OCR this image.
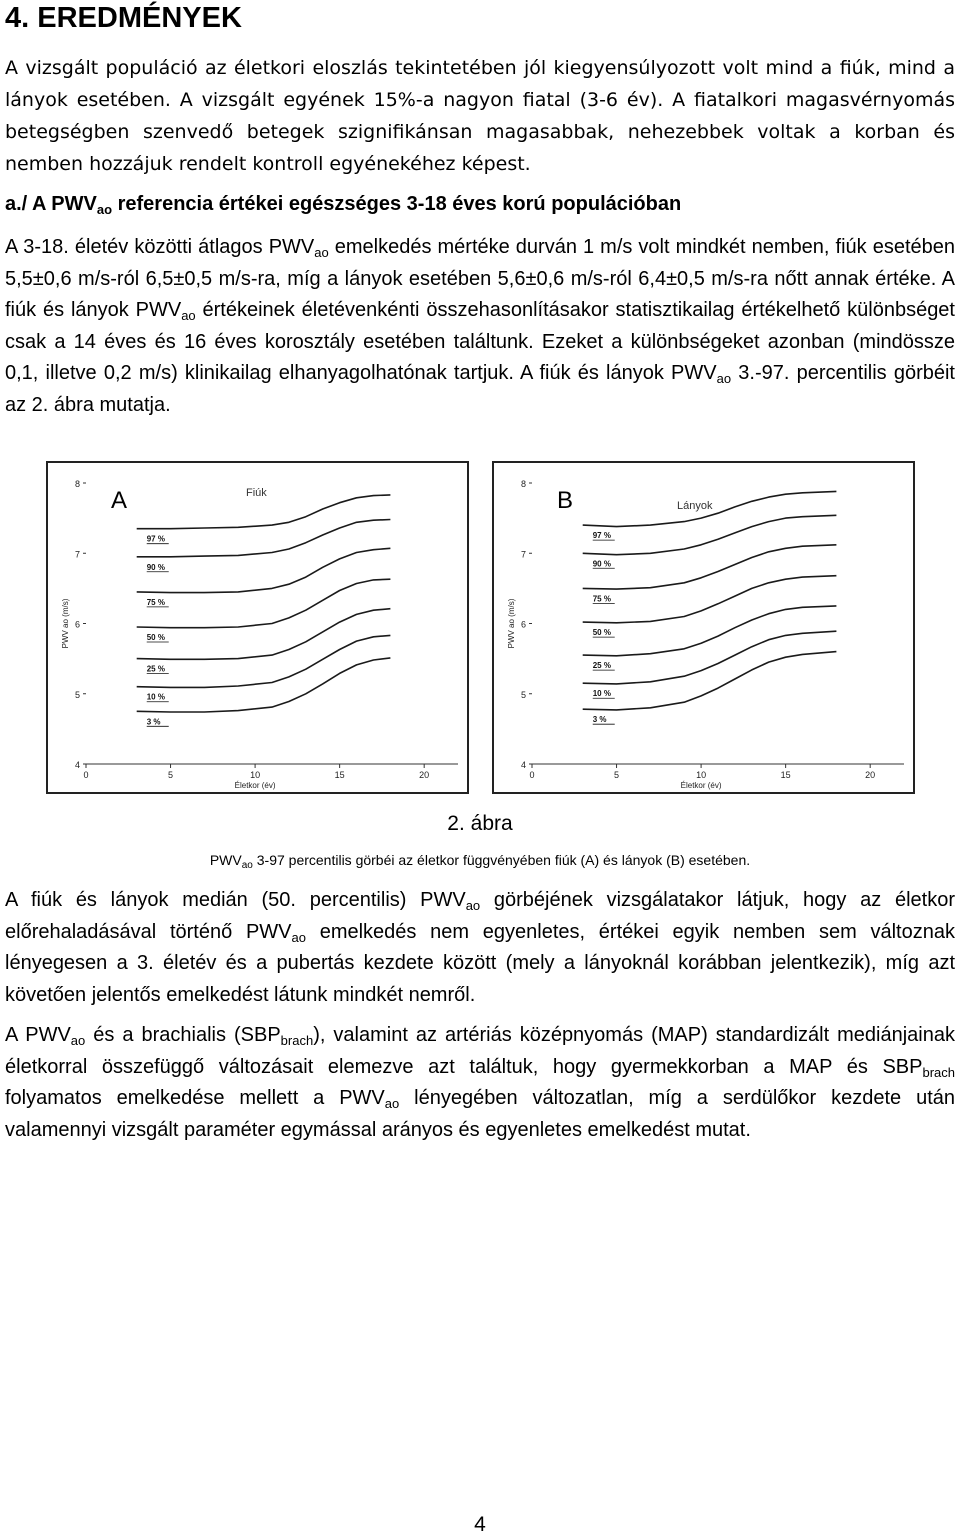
4. EREDMÉNYEK

A vizsgált populáció az életkori eloszlás tekintetében jól kiegyensúlyozott volt mind a fiúk, mind a lányok esetében. A vizsgált egyének 15%-a nagyon fiatal (3-6 év). A fiatalkori magasvérnyomás betegségben szenvedő betegek szignifikánsan magasabbak, nehezebbek voltak a korban és nemben hozzájuk rendelt kontroll egyénekéhez képest.

a./ A $PWV_{ao}$ referencia értékei egészséges 3-18 éves korú populációban

A 3-18. életév közötti átlagos $PWV_{ao}$ emelkedés mértéke durván 1 m/s volt mindkét nemben, fiúk esetében 5,5±0,6 m/s-ról 6,5±0,5 m/s-ra, míg a lányok esetében 5,6±0,6 m/s-ról 6,4±0,5 m/s-ra nőtt annak értéke. A fiúk és lányok $PWV_{ao}$ értékeinek életévenkénti összehasonlításakor statisztikailag értékelhető különbséget csak a 14 éves és 16 éves korosztály esetében találtunk. Ezeket a különbségeket azonban (mindössze 0,1, illetve 0,2 m/s) klinikailag elhanyagolhatónak tartjuk. A fiúk és lányok $PWV_{ao}$ 3.-97. percentilis görbéit az 2. ábra mutatja.

4
5
6
7
8
0	5	10	15	20
Életkor (év)
PWV ao (m/s)
A	Fiúk
97 %
90 %
75 %
50 %
25 %
10 %
3 %
4
5
6
7
8
0	5	10	15	20
Életkor (év)
PWV ao (m/s)
B	Lányok
97 %
90 %
75 %
50 %
25 %
10 %
3 %
2. ábra
$PWV_{ao}$ 3-97 percentilis görbéi az életkor függvényében fiúk (A) és lányok (B) esetében.

A fiúk és lányok medián (50. percentilis) $PWV_{ao}$ görbéjének vizsgálatakor látjuk, hogy az életkor előrehaladásával történő $PWV_{ao}$ emelkedés nem egyenletes, értékei egyik nemben sem változnak lényegesen a 3. életév és a pubertás kezdete között (mely a lányoknál korábban jelentkezik), míg azt követően jelentős emelkedést látunk mindkét nemről.

A $PWV_{ao}$ és a brachialis $(SBP_{brach})$, valamint az artériás középnyomás (MAP) standardizált mediánjainak életkorral összefüggő változásait elemezve azt találtuk, hogy gyermekkorban a MAP és $SBP_{brach}$ folyamatos emelkedése mellett a $PWV_{ao}$ lényegében változatlan, míg a serdülőkor kezdete után valamennyi vizsgált paraméter egymással arányos és egyenletes emelkedést mutat.

4
